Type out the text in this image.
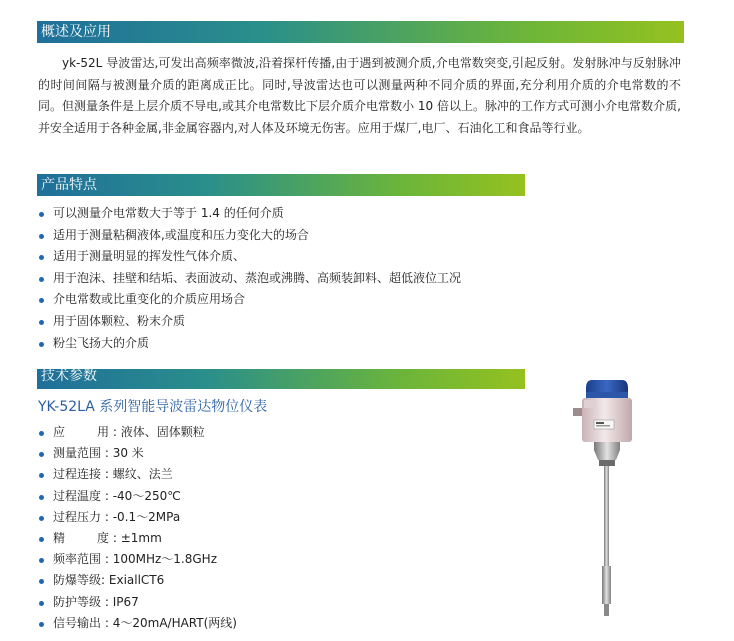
概述及应用

yk-52L 导波雷达,可发出高频率微波,沿着探杆传播,由于遇到被测介质,介电常数突变,引起反射。发射脉冲与反射脉冲的时间间隔与被测量介质的距离成正比。同时,导波雷达也可以测量两种不同介质的界面,充分利用介质的介电常数的不同。但测量条件是上层介质不导电,或其介电常数比下层介质介电常数小 10 倍以上。脉冲的工作方式可测小介电常数介质,并安全适用于各种金属,非金属容器内,对人体及环境无伤害。应用于煤厂,电厂、石油化工和食品等行业。

产品特点
可以测量介电常数大于等于 1.4 的任何介质
适用于测量粘稠液体,或温度和压力变化大的场合
适用于测量明显的挥发性气体介质、
用于泡沫、挂壁和结垢、表面波动、蒸泡或沸腾、高频装卸料、超低液位工况
介电常数或比重变化的介质应用场合
用于固体颗粒、粉末介质
粉尘飞扬大的介质
技术参数
YK-52LA 系列智能导波雷达物位仪表
应用 : 液体、固体颗粒
测量范围 : 30 米
过程连接 : 螺纹、法兰
过程温度 : -40～250℃
过程压力 : -0.1～2MPa
精度 : ±1mm
频率范围 : 100MHz～1.8GHz
防爆等级: ExiallCT6
防护等级 : IP67
信号输出 : 4～20mA/HART(两线)
